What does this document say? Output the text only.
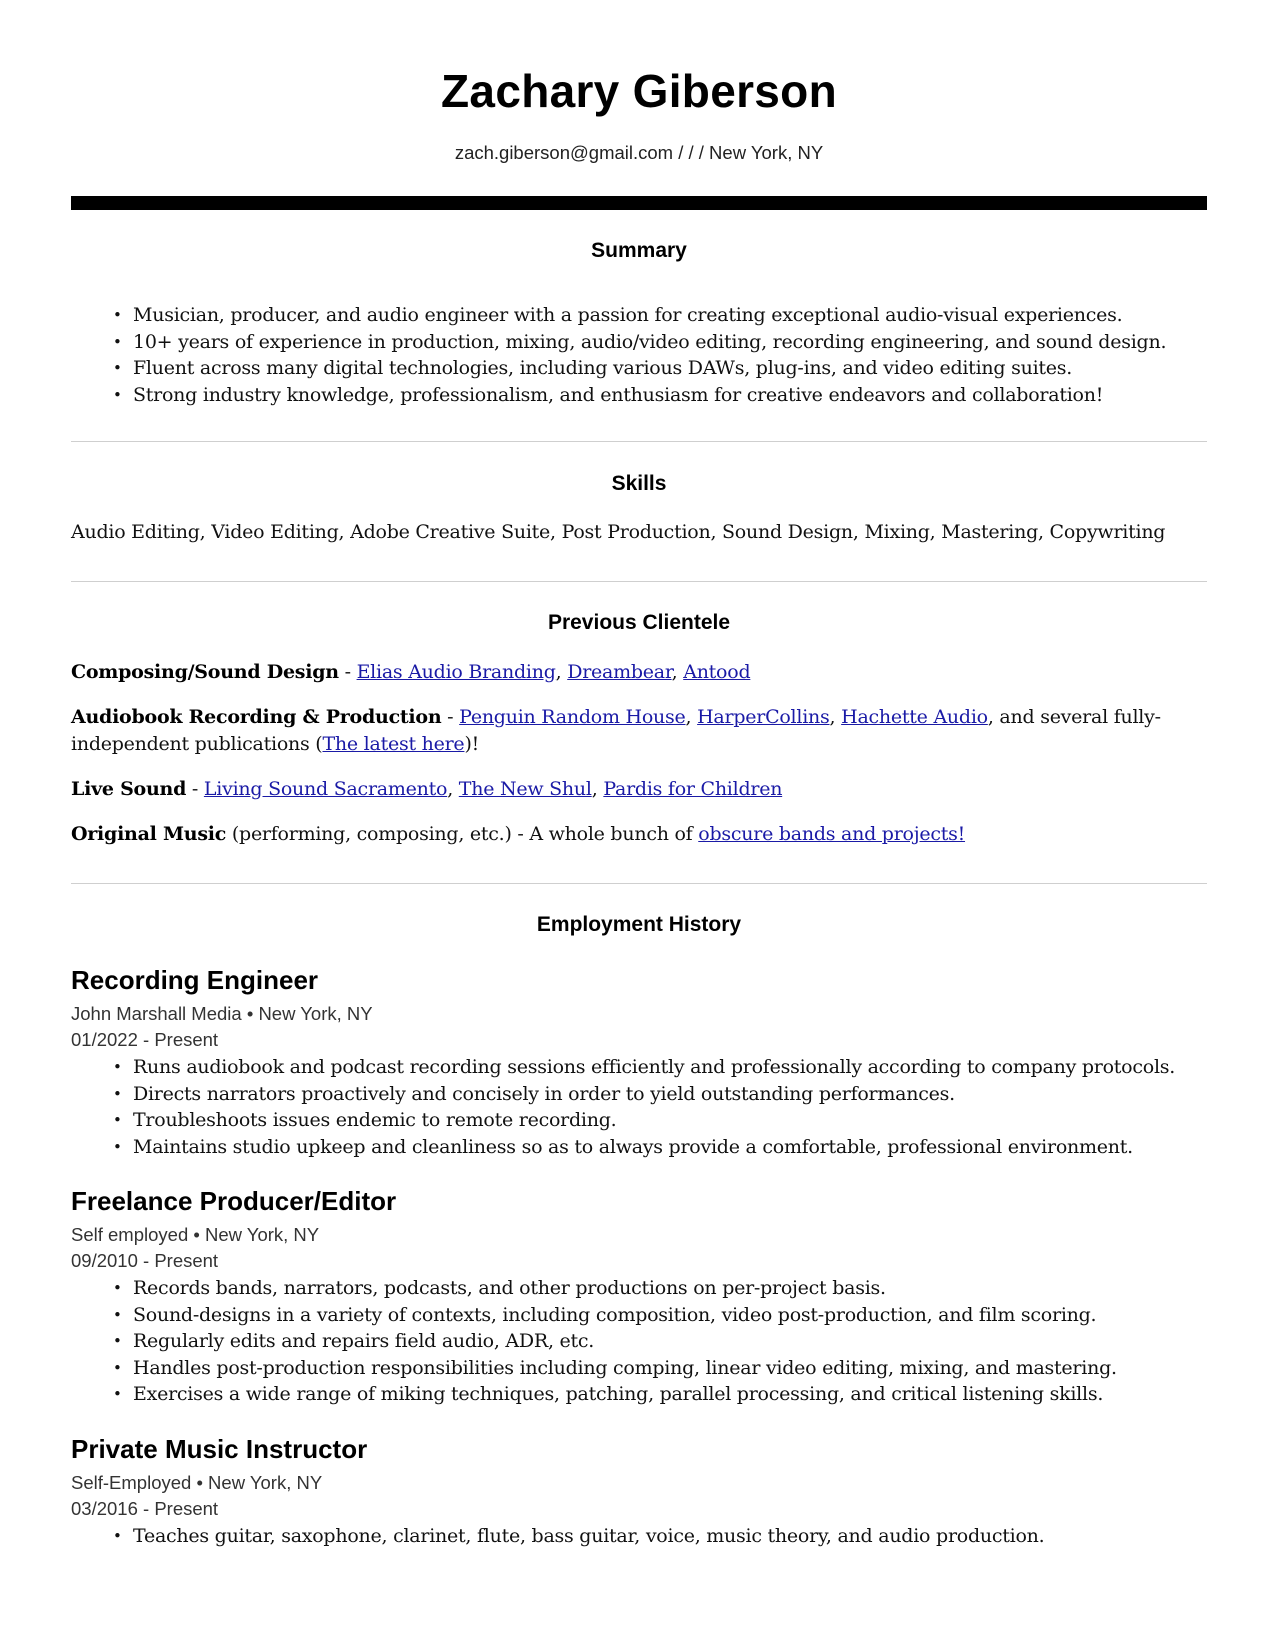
Zachary Giberson
zach.giberson@gmail.com / / / New York, NY
Summary
• Musician, producer, and audio engineer with a passion for creating exceptional audio-visual experiences.
• 10+ years of experience in production, mixing, audio/video editing, recording engineering, and sound design.
• Fluent across many digital technologies, including various DAWs, plug-ins, and video editing suites.
• Strong industry knowledge, professionalism, and enthusiasm for creative endeavors and collaboration!
Skills
Audio Editing, Video Editing, Adobe Creative Suite, Post Production, Sound Design, Mixing, Mastering, Copywriting
Previous Clientele
Composing/Sound Design - Elias Audio Branding, Dreambear, Antood
Audiobook Recording & Production - Penguin Random House, HarperCollins, Hachette Audio, and several fully-independent publications (The latest here)!
Live Sound - Living Sound Sacramento, The New Shul, Pardis for Children
Original Music (performing, composing, etc.) - A whole bunch of obscure bands and projects!
Employment History
Recording Engineer
John Marshall Media • New York, NY
01/2022 - Present
• Runs audiobook and podcast recording sessions efficiently and professionally according to company protocols.
• Directs narrators proactively and concisely in order to yield outstanding performances.
• Troubleshoots issues endemic to remote recording.
• Maintains studio upkeep and cleanliness so as to always provide a comfortable, professional environment.
Freelance Producer/Editor
Self employed • New York, NY
09/2010 - Present
• Records bands, narrators, podcasts, and other productions on per-project basis.
• Sound-designs in a variety of contexts, including composition, video post-production, and film scoring.
• Regularly edits and repairs field audio, ADR, etc.
• Handles post-production responsibilities including comping, linear video editing, mixing, and mastering.
• Exercises a wide range of miking techniques, patching, parallel processing, and critical listening skills.
Private Music Instructor
Self-Employed • New York, NY
03/2016 - Present
• Teaches guitar, saxophone, clarinet, flute, bass guitar, voice, music theory, and audio production.
